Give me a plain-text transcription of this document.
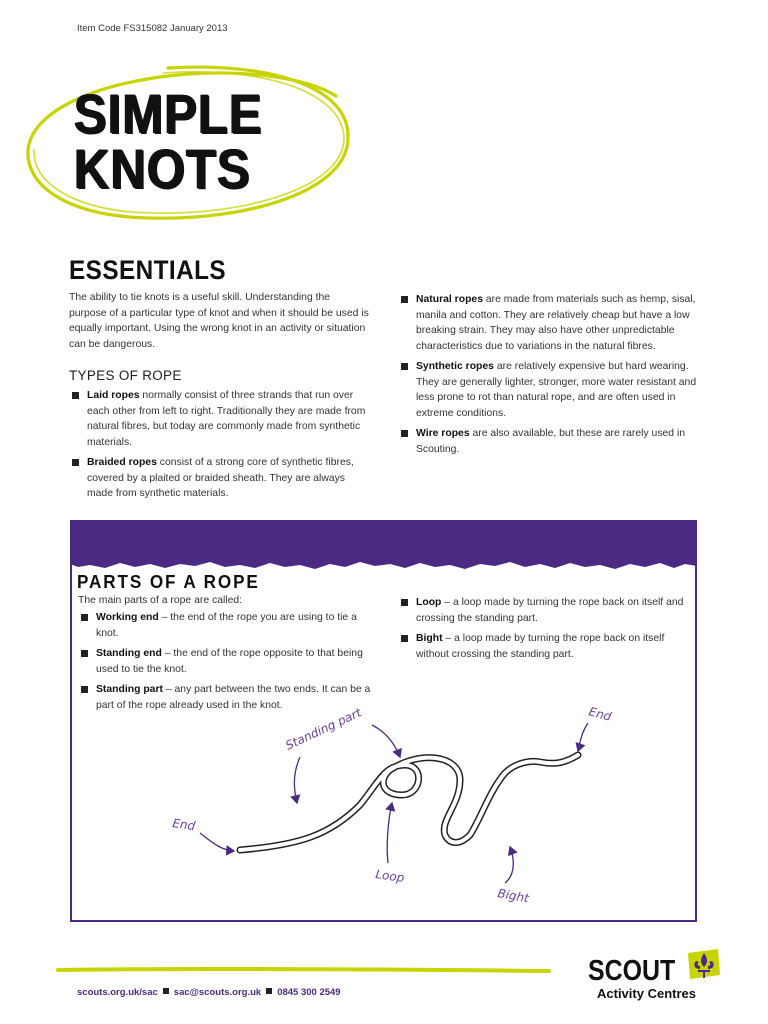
Item Code FS315082 January 2013
SIMPLE
KNOTS
ESSENTIALS
The ability to tie knots is a useful skill. Understanding the purpose of a particular type of knot and when it should be used is equally important. Using the wrong knot in an activity or situation can be dangerous.
TYPES OF ROPE
Laid ropes normally consist of three strands that run over each other from left to right. Traditionally they are made from natural fibres, but today are commonly made from synthetic materials.
Braided ropes consist of a strong core of synthetic fibres, covered by a plaited or braided sheath. They are always made from synthetic materials.
Natural ropes are made from materials such as hemp, sisal, manila and cotton. They are relatively cheap but have a low breaking strain. They may also have other unpredictable characteristics due to variations in the natural fibres.
Synthetic ropes are relatively expensive but hard wearing. They are generally lighter, stronger, more water resistant and less prone to rot than natural rope, and are often used in extreme conditions.
Wire ropes are also available, but these are rarely used in Scouting.
PARTS OF A ROPE
The main parts of a rope are called:
Working end – the end of the rope you are using to tie a knot.
Standing end – the end of the rope opposite to that being used to tie the knot.
Standing part – any part between the two ends. It can be a part of the rope already used in the knot.
Loop – a loop made by turning the rope back on itself and crossing the standing part.
Bight – a loop made by turning the rope back on itself without crossing the standing part.
End
Standing part	End
Loop
Bight
scouts.org.uk/sac sac@scouts.org.uk 0845 300 2549
SCOUT
Activity Centres
